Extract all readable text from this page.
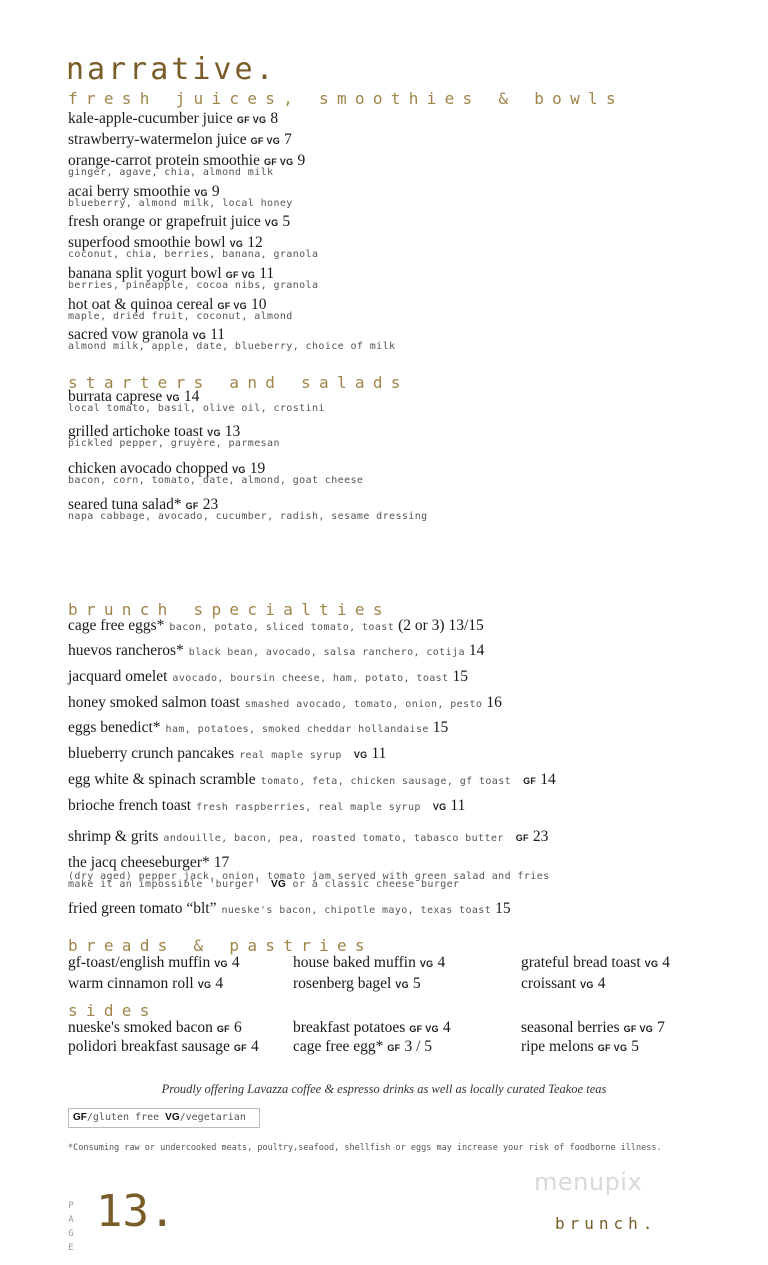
narrative.
fresh juices, smoothies & bowls
kale-apple-cucumber juice GF VG 8
strawberry-watermelon juice GF VG 7
orange-carrot protein smoothie GF VG 9
ginger, agave, chia, almond milk
acai berry smoothie VG 9
blueberry, almond milk, local honey
fresh orange or grapefruit juice VG 5
superfood smoothie bowl VG 12
coconut, chia, berries, banana, granola
banana split yogurt bowl GF VG 11
berries, pineapple, cocoa nibs, granola
hot oat & quinoa cereal GF VG 10
maple, dried fruit, coconut, almond
sacred vow granola VG 11
almond milk, apple, date, blueberry, choice of milk
starters and salads
burrata caprese VG 14
local tomato, basil, olive oil, crostini
grilled artichoke toast VG 13
pickled pepper, gruyère, parmesan
chicken avocado chopped VG 19
bacon, corn, tomato, date, almond, goat cheese
seared tuna salad* GF 23
napa cabbage, avocado, cucumber, radish, sesame dressing
brunch specialties
cage free eggs* bacon, potato, sliced tomato, toast (2 or 3) 13/15
huevos rancheros* black bean, avocado, salsa ranchero, cotija 14
jacquard omelet avocado, boursin cheese, ham, potato, toast 15
honey smoked salmon toast smashed avocado, tomato, onion, pesto 16
eggs benedict* ham, potatoes, smoked cheddar hollandaise 15
blueberry crunch pancakes real maple syrup VG 11
egg white & spinach scramble tomato, feta, chicken sausage, gf toast GF 14
brioche french toast fresh raspberries, real maple syrup VG 11
shrimp & grits andouille, bacon, pea, roasted tomato, tabasco butter GF 23
the jacq cheeseburger* 17
(dry aged) pepper jack, onion, tomato jam served with green salad and fries
make it an impossible 'burger' VG or a classic cheese burger
fried green tomato “blt” nueske's bacon, chipotle mayo, texas toast 15
breads & pastries
gf-toast/english muffin VG 4	house baked muffin VG 4	grateful bread toast VG 4
warm cinnamon roll VG 4	rosenberg bagel VG 5	croissant VG 4
sides
nueske's smoked bacon GF 6	breakfast potatoes GF VG 4	seasonal berries GF VG 7
polidori breakfast sausage GF 4 cage free egg* GF 3 / 5	ripe melons GF VG 5
Proudly offering Lavazza coffee & espresso drinks as well as locally curated Teakoe teas
GF/gluten free VG/vegetarian
*Consuming raw or undercooked meats, poultry,seafood, shellfish or eggs may increase your risk of foodborne illness.
menupix
P
A
G
E
13.	brunch.
